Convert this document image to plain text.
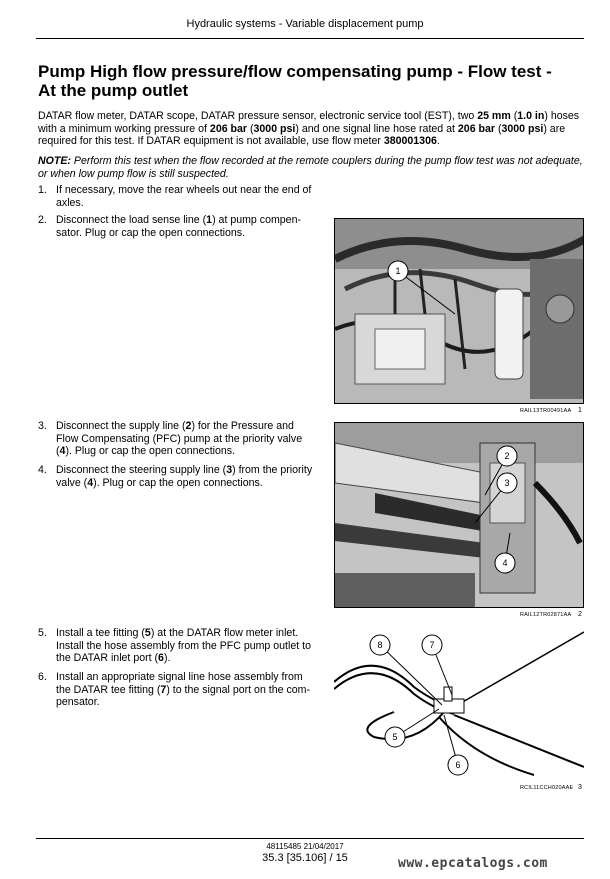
Hydraulic systems - Variable displacement pump
Pump High flow pressure/flow compensating pump - Flow test -
At the pump outlet
DATAR flow meter, DATAR scope, DATAR pressure sensor, electronic service tool (EST), two 25 mm (1.0 in) hoses with a minimum working pressure of 206 bar (3000 psi) and one signal line hose rated at 206 bar (3000 psi) are required for this test. If DATAR equipment is not available, use flow meter 380001306.
NOTE: Perform this test when the flow recorded at the remote couplers during the pump flow test was not adequate, or when low pump flow is still suspected.
1. If necessary, move the rear wheels out near the end of axles.
2. Disconnect the load sense line (1) at pump compen-sator. Plug or cap the open connections.
3. Disconnect the supply line (2) for the Pressure and Flow Compensating (PFC) pump at the priority valve (4). Plug or cap the open connections.
4. Disconnect the steering supply line (3) from the priority valve (4). Plug or cap the open connections.
5. Install a tee fitting (5) at the DATAR flow meter inlet. Install the hose assembly from the PFC pump outlet to the DATAR inlet port (6).
6. Install an appropriate signal line hose assembly from the DATAR tee fitting (7) to the signal port on the com-pensator.
1
RAIL13TR00491AA 1
2
3
4
RAIL12TR02871AA 2
8	7
5
6
RCIL11CCH020AAE 3
48115485 21/04/2017
35.3 [35.106] / 15	www.epcatalogs.com
